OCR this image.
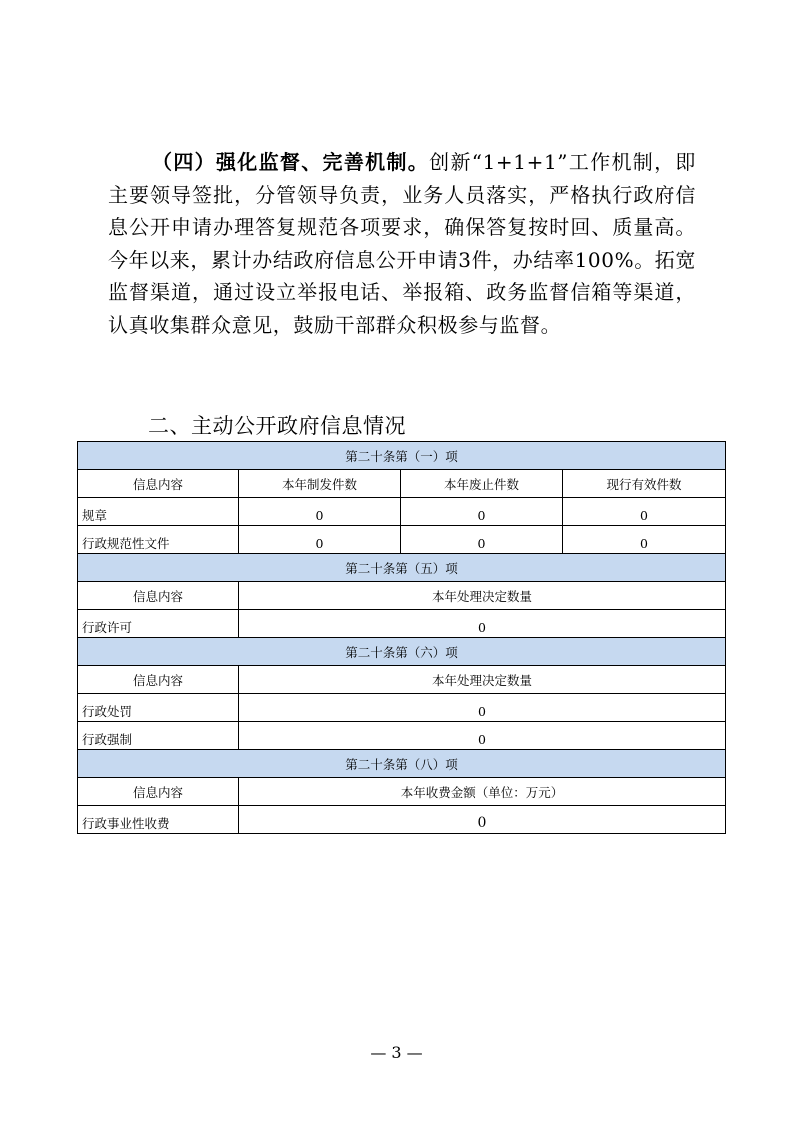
（四）强化监督、完善机制。创新“1+1+1”工作机制，即主要领导签批，分管领导负责，业务人员落实，严格执行政府信息公开申请办理答复规范各项要求，确保答复按时回、质量高。今年以来，累计办结政府信息公开申请3件，办结率100%。拓宽监督渠道，通过设立举报电话、举报箱、政务监督信箱等渠道，认真收集群众意见，鼓励干部群众积极参与监督。

二、主动公开政府信息情况
第二十条第（一）项			
信息内容	本年制发件数	本年废止件数	现行有效件数
规章	0	0	0
行政规范性文件	0	0	0
第二十条第（五）项			
信息内容	本年处理决定数量		
行政许可	0		
第二十条第（六）项			
信息内容	本年处理决定数量		
行政处罚	0		
行政强制	0		
第二十条第（八）项			
信息内容	本年收费金额（单位：万元）		
行政事业性收费	0		
— 3 —
